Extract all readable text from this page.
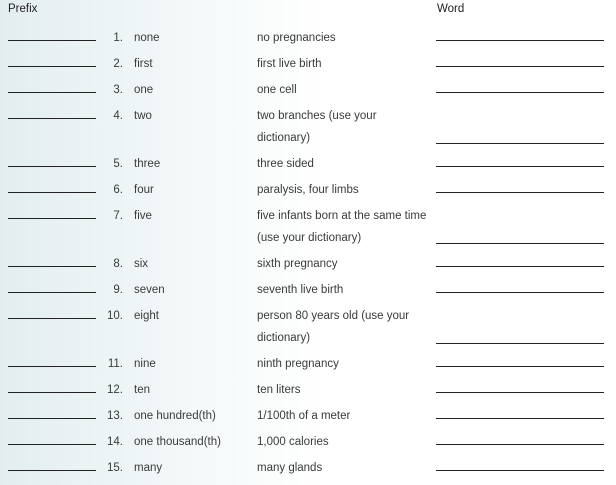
Prefix	Word
1. none	no pregnancies
2. first	first live birth
3. one	one cell
4. two	two branches (use your dictionary)
5. three	three sided
6. four	paralysis, four limbs
7. five	five infants born at the same time (use your dictionary)
8. six	sixth pregnancy
9. seven	seventh live birth
10. eight	person 80 years old (use your dictionary)
11. nine	ninth pregnancy
12. ten	ten liters
13. one hundred(th)	1/100th of a meter
14. one thousand(th)	1,000 calories
15. many	many glands
